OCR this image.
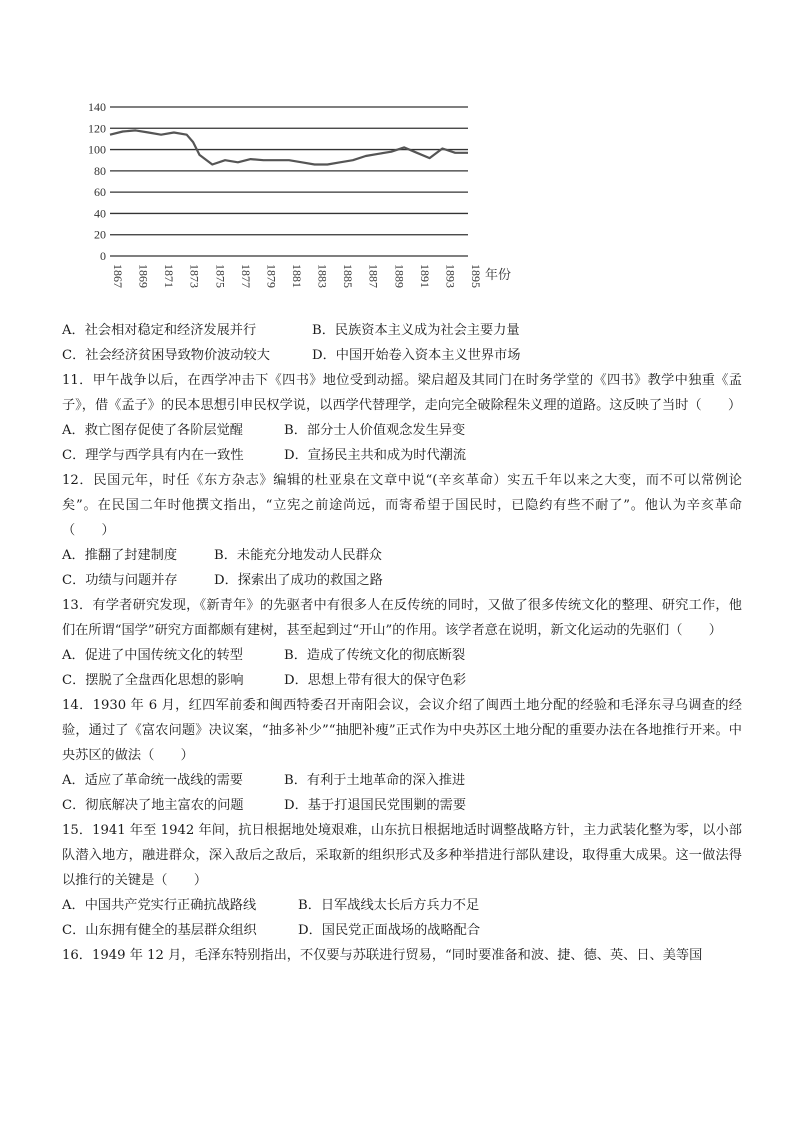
140
120
100
80
60
40
20
0
1867 1869 1871 1873 1875 1877 1879 1881 1883 1885 1887 1889 1891 1893 1895 年份
A．社会相对稳定和经济发展并行	B．民族资本主义成为社会主要力量
C．社会经济贫困导致物价波动较大	D．中国开始卷入资本主义世界市场
11．甲午战争以后，在西学冲击下《四书》地位受到动摇。梁启超及其同门在时务学堂的《四书》教学中独重《孟子》，借《孟子》的民本思想引申民权学说，以西学代替理学，走向完全破除程朱义理的道路。这反映了当时（　　）
A．救亡图存促使了各阶层觉醒	B．部分士人价值观念发生异变
C．理学与西学具有内在一致性	D．宣扬民主共和成为时代潮流
12．民国元年，时任《东方杂志》编辑的杜亚泉在文章中说“(辛亥革命）实五千年以来之大变，而不可以常例论矣”。在民国二年时他撰文指出，“立宪之前途尚远，而寄希望于国民时，已隐约有些不耐了”。他认为辛亥革命（　　）
A．推翻了封建制度	B．未能充分地发动人民群众
C．功绩与问题并存	D．探索出了成功的救国之路
13．有学者研究发现，《新青年》的先驱者中有很多人在反传统的同时，又做了很多传统文化的整理、研究工作，他们在所谓“国学”研究方面都颇有建树，甚至起到过“开山”的作用。该学者意在说明，新文化运动的先驱们（　　）
A．促进了中国传统文化的转型	B．造成了传统文化的彻底断裂
C．摆脱了全盘西化思想的影响	D．思想上带有很大的保守色彩
14．1930 年 6 月，红四军前委和闽西特委召开南阳会议，会议介绍了闽西土地分配的经验和毛泽东寻乌调查的经验，通过了《富农问题》决议案，“抽多补少”“抽肥补瘦”正式作为中央苏区土地分配的重要办法在各地推行开来。中央苏区的做法（　　）
A．适应了革命统一战线的需要	B．有利于土地革命的深入推进
C．彻底解决了地主富农的问题	D．基于打退国民党围剿的需要
15．1941 年至 1942 年间，抗日根据地处境艰难，山东抗日根据地适时调整战略方针，主力武装化整为零，以小部队潜入地方，融进群众，深入敌后之敌后，采取新的组织形式及多种举措进行部队建设，取得重大成果。这一做法得以推行的关键是（　　）
A．中国共产党实行正确抗战路线	B．日军战线太长后方兵力不足
C．山东拥有健全的基层群众组织	D．国民党正面战场的战略配合
16．1949 年 12 月，毛泽东特别指出，不仅要与苏联进行贸易，“同时要准备和波、捷、德、英、日、美等国
